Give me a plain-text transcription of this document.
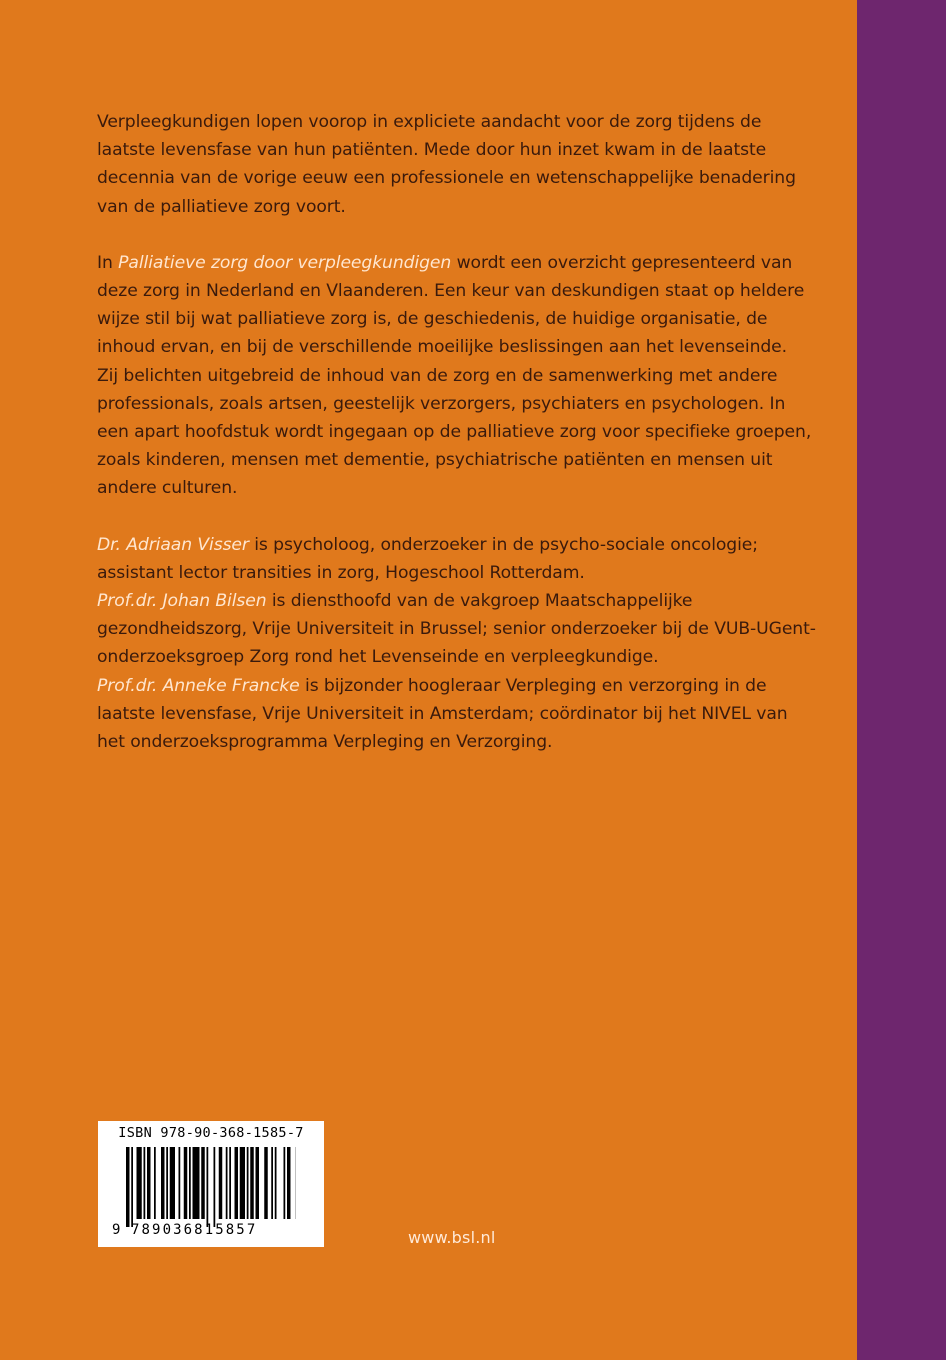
Verpleegkundigen lopen voorop in expliciete aandacht voor de zorg tijdens de laatste levensfase van hun patiënten. Mede door hun inzet kwam in de laatste decennia van de vorige eeuw een professionele en wetenschappelijke benadering van de palliatieve zorg voort.

In Palliatieve zorg door verpleegkundigen wordt een overzicht gepresenteerd van deze zorg in Nederland en Vlaanderen. Een keur van deskundigen staat op heldere wijze stil bij wat palliatieve zorg is, de geschiedenis, de huidige organisatie, de inhoud ervan, en bij de verschillende moeilijke beslissingen aan het levenseinde.

Zij belichten uitgebreid de inhoud van de zorg en de samenwerking met andere professionals, zoals artsen, geestelijk verzorgers, psychiaters en psychologen. In een apart hoofdstuk wordt ingegaan op de palliatieve zorg voor specifieke groepen, zoals kinderen, mensen met dementie, psychiatrische patiënten en mensen uit andere culturen.

Dr. Adriaan Visser is psycholoog, onderzoeker in de psycho-sociale oncologie; assistant lector transities in zorg, Hogeschool Rotterdam.

Prof.dr. Johan Bilsen is diensthoofd van de vakgroep Maatschappelijke gezondheidszorg, Vrije Universiteit in Brussel; senior onderzoeker bij de VUB-UGent-onderzoeksgroep Zorg rond het Levenseinde en verpleegkundige.

Prof.dr. Anneke Francke is bijzonder hoogleraar Verpleging en verzorging in de laatste levensfase, Vrije Universiteit in Amsterdam; coördinator bij het NIVEL van het onderzoeksprogramma Verpleging en Verzorging.

ISBN 978-90-368-1585-7
9 789036815857	www.bsl.nl
